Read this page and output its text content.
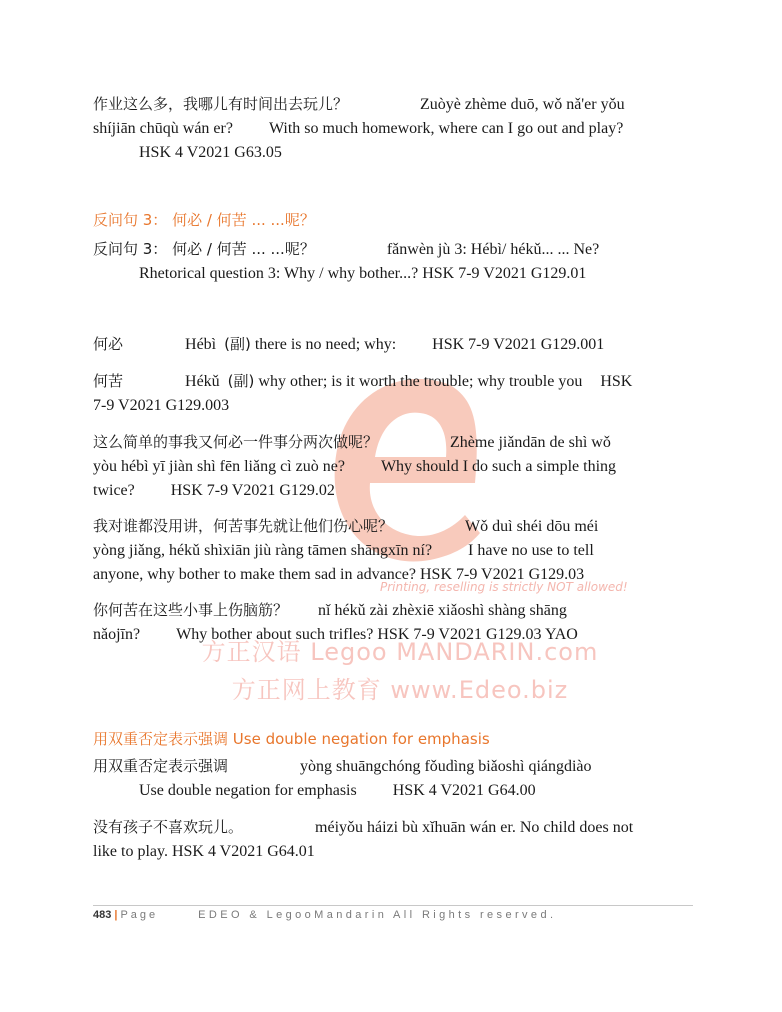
Printing, reselling is strictly NOT allowed!
方正汉语 Legoo MANDARIN.com
方正网上教育 www.Edeo.biz

作业这么多，我哪儿有时间出去玩儿？	Zuòyè zhème duō, wǒ nǎ'er yǒu
shíjiān chūqù wán er? With so much homework, where can I go out and play?
HSK 4 V2021 G63.05

反问句 3： 何必 / 何苦 ... ...呢？

反问句 3： 何必 / 何苦 ... ...呢？	fǎnwèn jù 3: Hébì/ hékǔ... ... Ne?
Rhetorical question 3: Why / why bother...? HSK 7-9 V2021 G129.01

何必	Hébì (副) there is no need; why: HSK 7-9 V2021 G129.001

何苦	Hékǔ (副) why other; is it worth the trouble; why trouble you HSK
7-9 V2021 G129.003

这么简单的事我又何必一件事分两次做呢？	Zhème jiǎndān de shì wǒ
yòu hébì yī jiàn shì fēn liǎng cì zuò ne? Why should I do such a simple thing
twice? HSK 7-9 V2021 G129.02

我对谁都没用讲，何苦事先就让他们伤心呢？	Wǒ duì shéi dōu méi
yòng jiǎng, hékǔ shìxiān jiù ràng tāmen shāngxīn ní? I have no use to tell
anyone, why bother to make them sad in advance? HSK 7-9 V2021 G129.03

你何苦在这些小事上伤脑筋？ nǐ hékǔ zài zhèxiē xiǎoshì shàng shāng
nǎojīn? Why bother about such trifles? HSK 7-9 V2021 G129.03 YAO

用双重否定表示强调 Use double negation for emphasis

用双重否定表示强调	yòng shuāngchóng fǒudìng biǎoshì qiángdiào
Use double negation for emphasis HSK 4 V2021 G64.00

没有孩子不喜欢玩儿。	méiyǒu háizi bù xǐhuān wán er. No child does not
like to play. HSK 4 V2021 G64.01

483 | Page	EDEO & LegooMandarin All Rights reserved.
